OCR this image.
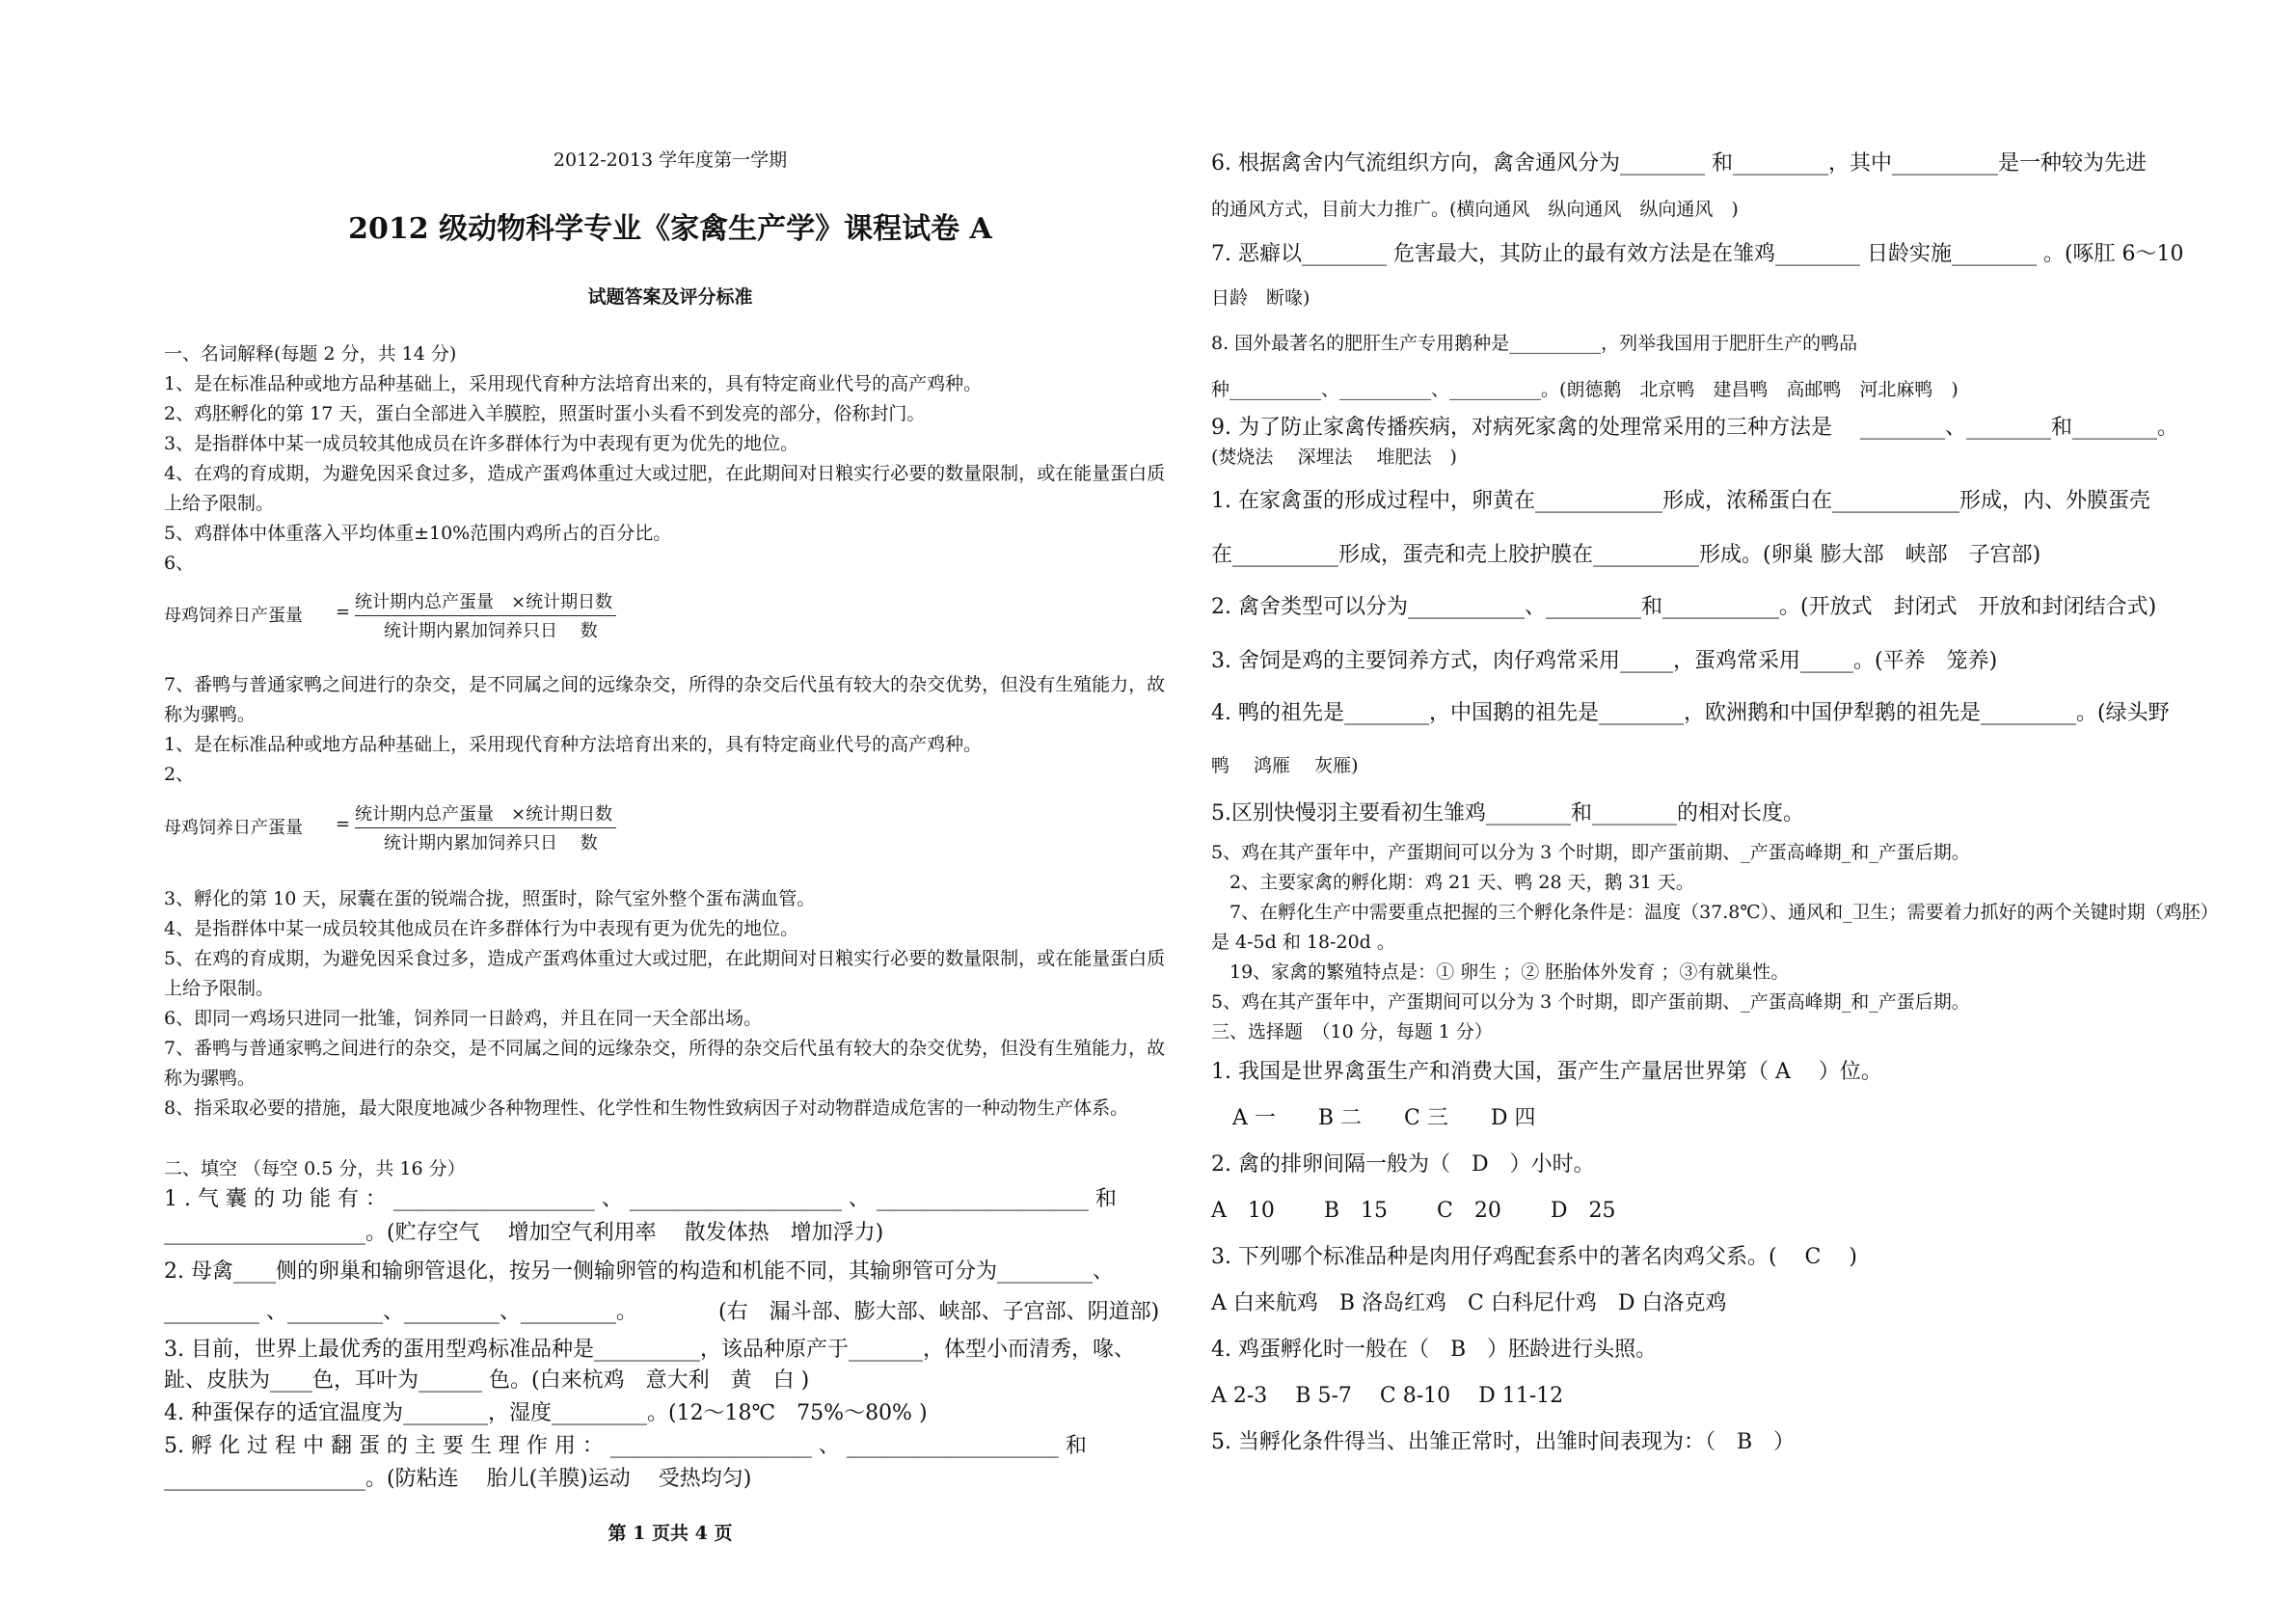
2012-2013 学年度第一学期
2012 级动物科学专业《家禽生产学》课程试卷 A
试题答案及评分标准
一、名词解释(每题 2 分，共 14 分)
1、是在标准品种或地方品种基础上，采用现代育种方法培育出来的，具有特定商业代号的高产鸡种。
2、鸡胚孵化的第 17 天，蛋白全部进入羊膜腔，照蛋时蛋小头看不到发亮的部分，俗称封门。
3、是指群体中某一成员较其他成员在许多群体行为中表现有更为优先的地位。
4、在鸡的育成期，为避免因采食过多，造成产蛋鸡体重过大或过肥，在此期间对日粮实行必要的数量限制，或在能量蛋白质
上给予限制。
5、鸡群体中体重落入平均体重±10%范围内鸡所占的百分比。
6、
母鸡饲养日产蛋量 = 统计期内总产蛋量　×统计期日数
统计期内累加饲养只日　 数
7、番鸭与普通家鸭之间进行的杂交，是不同属之间的远缘杂交，所得的杂交后代虽有较大的杂交优势，但没有生殖能力，故
称为骡鸭。
1、是在标准品种或地方品种基础上，采用现代育种方法培育出来的，具有特定商业代号的高产鸡种。
2、
母鸡饲养日产蛋量 = 统计期内总产蛋量　×统计期日数
统计期内累加饲养只日　 数
3、孵化的第 10 天，尿囊在蛋的锐端合拢，照蛋时，除气室外整个蛋布满血管。
4、是指群体中某一成员较其他成员在许多群体行为中表现有更为优先的地位。
5、在鸡的育成期，为避免因采食过多，造成产蛋鸡体重过大或过肥，在此期间对日粮实行必要的数量限制，或在能量蛋白质
上给予限制。
6、即同一鸡场只进同一批雏，饲养同一日龄鸡，并且在同一天全部出场。
7、番鸭与普通家鸭之间进行的杂交，是不同属之间的远缘杂交，所得的杂交后代虽有较大的杂交优势，但没有生殖能力，故
称为骡鸭。
8、指采取必要的措施，最大限度地减少各种物理性、化学性和生物性致病因子对动物群造成危害的一种动物生产体系。
二、填空 （每空 0.5 分，共 16 分）
1 . 气 囊 的 功 能 有 ： ___________________ 、 ____________________ 、 ____________________ 和
___________________。(贮存空气　 增加空气利用率　 散发体热　增加浮力)
2. 母禽____侧的卵巢和输卵管退化，按另一侧输卵管的构造和机能不同，其输卵管可分为_________、
_________ 、_________、_________、_________。　　　　 (右　漏斗部、膨大部、峡部、子宫部、阴道部)
3. 目前，世界上最优秀的蛋用型鸡标准品种是__________，该品种原产于_______，体型小而清秀，喙、
趾、皮肤为____色，耳叶为______ 色。(白来杭鸡　意大利　黄　白 )
4. 种蛋保存的适宜温度为________，湿度_________。(12～18℃　75%～80% )
5. 孵 化 过 程 中 翻 蛋 的 主 要 生 理 作 用 ： ___________________ 、 ____________________ 和
___________________。(防粘连　 胎儿(羊膜)运动　 受热均匀)
第 1 页共 4 页
6. 根据禽舍内气流组织方向，禽舍通风分为________ 和_________，其中__________是一种较为先进
的通风方式，目前大力推广。(横向通风　纵向通风　纵向通风　)
7. 恶癖以________ 危害最大，其防止的最有效方法是在雏鸡________ 日龄实施________ 。(啄肛 6～10
日龄　断喙)
8. 国外最著名的肥肝生产专用鹅种是__________，列举我国用于肥肝生产的鸭品
种__________、__________、__________。(朗德鹅　北京鸭　建昌鸭　高邮鸭　河北麻鸭　)
9. 为了防止家禽传播疾病，对病死家禽的处理常采用的三种方法是　 ________、________和________。
(焚烧法　 深埋法　 堆肥法　)
1. 在家禽蛋的形成过程中，卵黄在____________形成，浓稀蛋白在____________形成，内、外膜蛋壳
在__________形成，蛋壳和壳上胶护膜在__________形成。(卵巢 膨大部　峡部　子宫部)
2. 禽舍类型可以分为___________、_________和___________。(开放式　封闭式　开放和封闭结合式)
3. 舍饲是鸡的主要饲养方式，肉仔鸡常采用_____，蛋鸡常采用_____。(平养　笼养)
4. 鸭的祖先是________，中国鹅的祖先是________，欧洲鹅和中国伊犁鹅的祖先是_________。(绿头野
鸭　 鸿雁　 灰雁)
5.区别快慢羽主要看初生雏鸡________和________的相对长度。
5、鸡在其产蛋年中，产蛋期间可以分为 3 个时期，即产蛋前期、_产蛋高峰期_和_产蛋后期。
　2、主要家禽的孵化期：鸡 21 天、鸭 28 天，鹅 31 天。
　7、在孵化生产中需要重点把握的三个孵化条件是：温度（37.8℃）、通风和_卫生；需要着力抓好的两个关键时期（鸡胚）
是 4-5d 和 18-20d 。
　19、家禽的繁殖特点是：① 卵生 ；② 胚胎体外发育 ；③有就巢性。
5、鸡在其产蛋年中，产蛋期间可以分为 3 个时期，即产蛋前期、_产蛋高峰期_和_产蛋后期。
三、选择题　（10 分，每题 1 分）
1. 我国是世界禽蛋生产和消费大国，蛋产生产量居世界第（ A　 ）位。
　A 一　　B 二　　C 三　　D 四
2. 禽的排卵间隔一般为（　D　）小时。
A　10　　 B　15　　 C　20　　 D　25
3. 下列哪个标准品种是肉用仔鸡配套系中的著名肉鸡父系。(　 C　 )
A 白来航鸡　B 洛岛红鸡　C 白科尼什鸡　D 白洛克鸡
4. 鸡蛋孵化时一般在（　B　）胚龄进行头照。
A 2-3　 B 5-7　 C 8-10　 D 11-12
5. 当孵化条件得当、出雏正常时，出雏时间表现为：（　B　）
